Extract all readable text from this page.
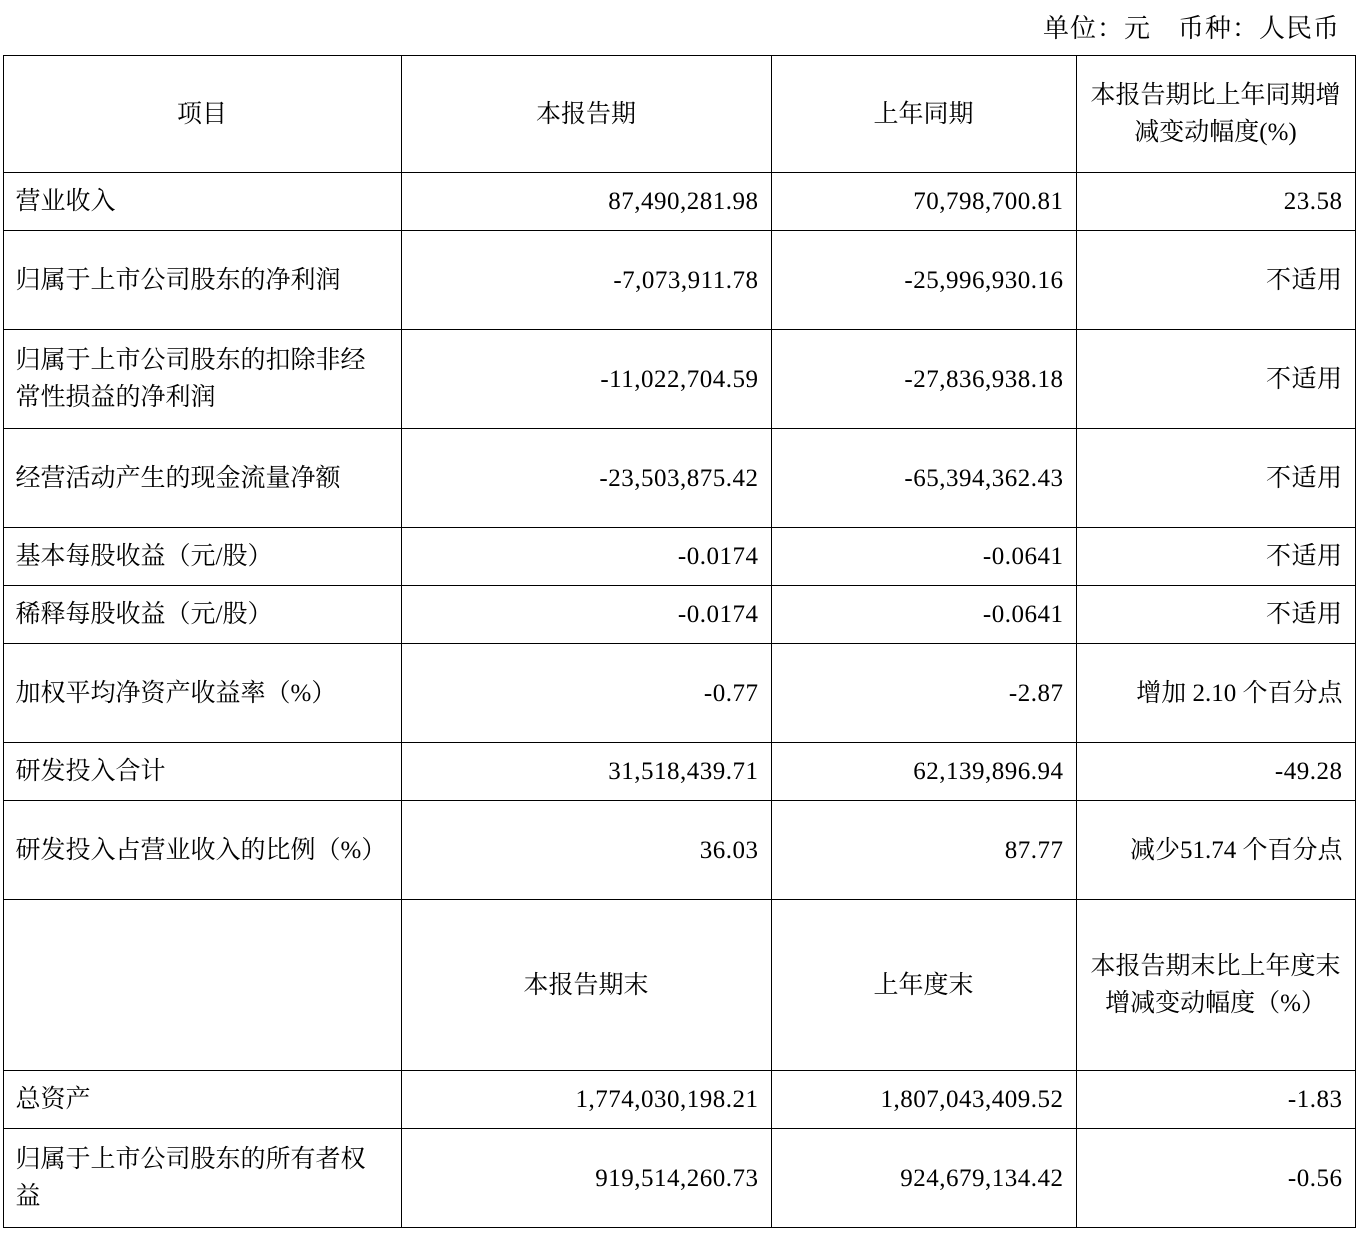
单位：元　币种：人民币
项目	本报告期	上年同期	本报告期比上年同期增减变动幅度(%)
营业收入	87,490,281.98	70,798,700.81	23.58
归属于上市公司股东的净利润	-7,073,911.78	-25,996,930.16	不适用
归属于上市公司股东的扣除非经常性损益的净利润	-11,022,704.59	-27,836,938.18	不适用
经营活动产生的现金流量净额	-23,503,875.42	-65,394,362.43	不适用
基本每股收益（元/股）	-0.0174	-0.0641	不适用
稀释每股收益（元/股）	-0.0174	-0.0641	不适用
加权平均净资产收益率（%）	-0.77	-2.87	增加 2.10 个百分点
研发投入合计	31,518,439.71	62,139,896.94	-49.28
研发投入占营业收入的比例（%）	36.03	87.77	减少51.74 个百分点
	本报告期末	上年度末	本报告期末比上年度末增减变动幅度（%）
总资产	1,774,030,198.21	1,807,043,409.52	-1.83
归属于上市公司股东的所有者权益	919,514,260.73	924,679,134.42	-0.56
